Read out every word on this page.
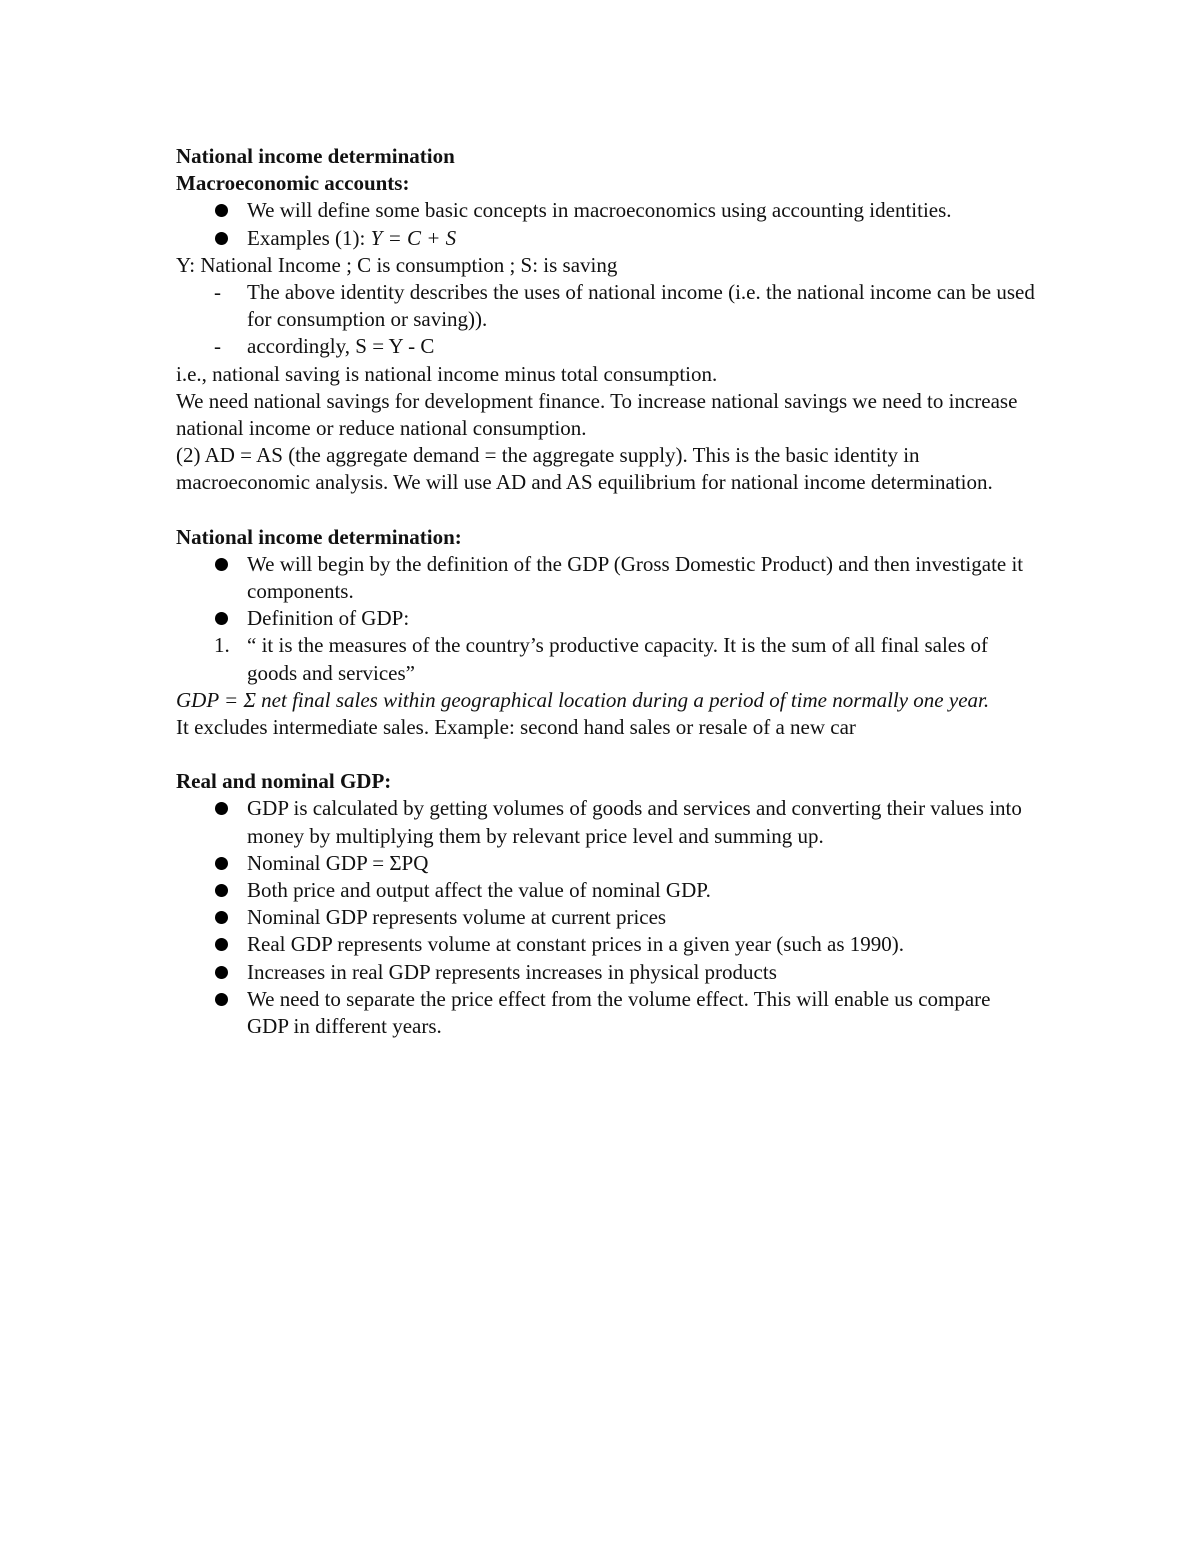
National income determination

Macroeconomic accounts:

We will define some basic concepts in macroeconomics using accounting identities.
Examples (1): Y = C + S

Y: National Income ; C is consumption ; S: is saving

- The above identity describes the uses of national income (i.e. the national income can be used for consumption or saving)).
- accordingly, S = Y - C

i.e., national saving is national income minus total consumption.

We need national savings for development finance. To increase national savings we need to increase national income or reduce national consumption.

(2) AD = AS (the aggregate demand = the aggregate supply). This is the basic identity in macroeconomic analysis. We will use AD and AS equilibrium for national income determination.

National income determination:

We will begin by the definition of the GDP (Gross Domestic Product) and then investigate it components.
Definition of GDP:
1. “ it is the measures of the country’s productive capacity. It is the sum of all final sales of goods and services”

GDP = Σ net final sales within geographical location during a period of time normally one year.

It excludes intermediate sales. Example: second hand sales or resale of a new car

Real and nominal GDP:

GDP is calculated by getting volumes of goods and services and converting their values into money by multiplying them by relevant price level and summing up.
Nominal GDP = ΣPQ
Both price and output affect the value of nominal GDP.
Nominal GDP represents volume at current prices
Real GDP represents volume at constant prices in a given year (such as 1990).
Increases in real GDP represents increases in physical products
We need to separate the price effect from the volume effect. This will enable us compare GDP in different years.
